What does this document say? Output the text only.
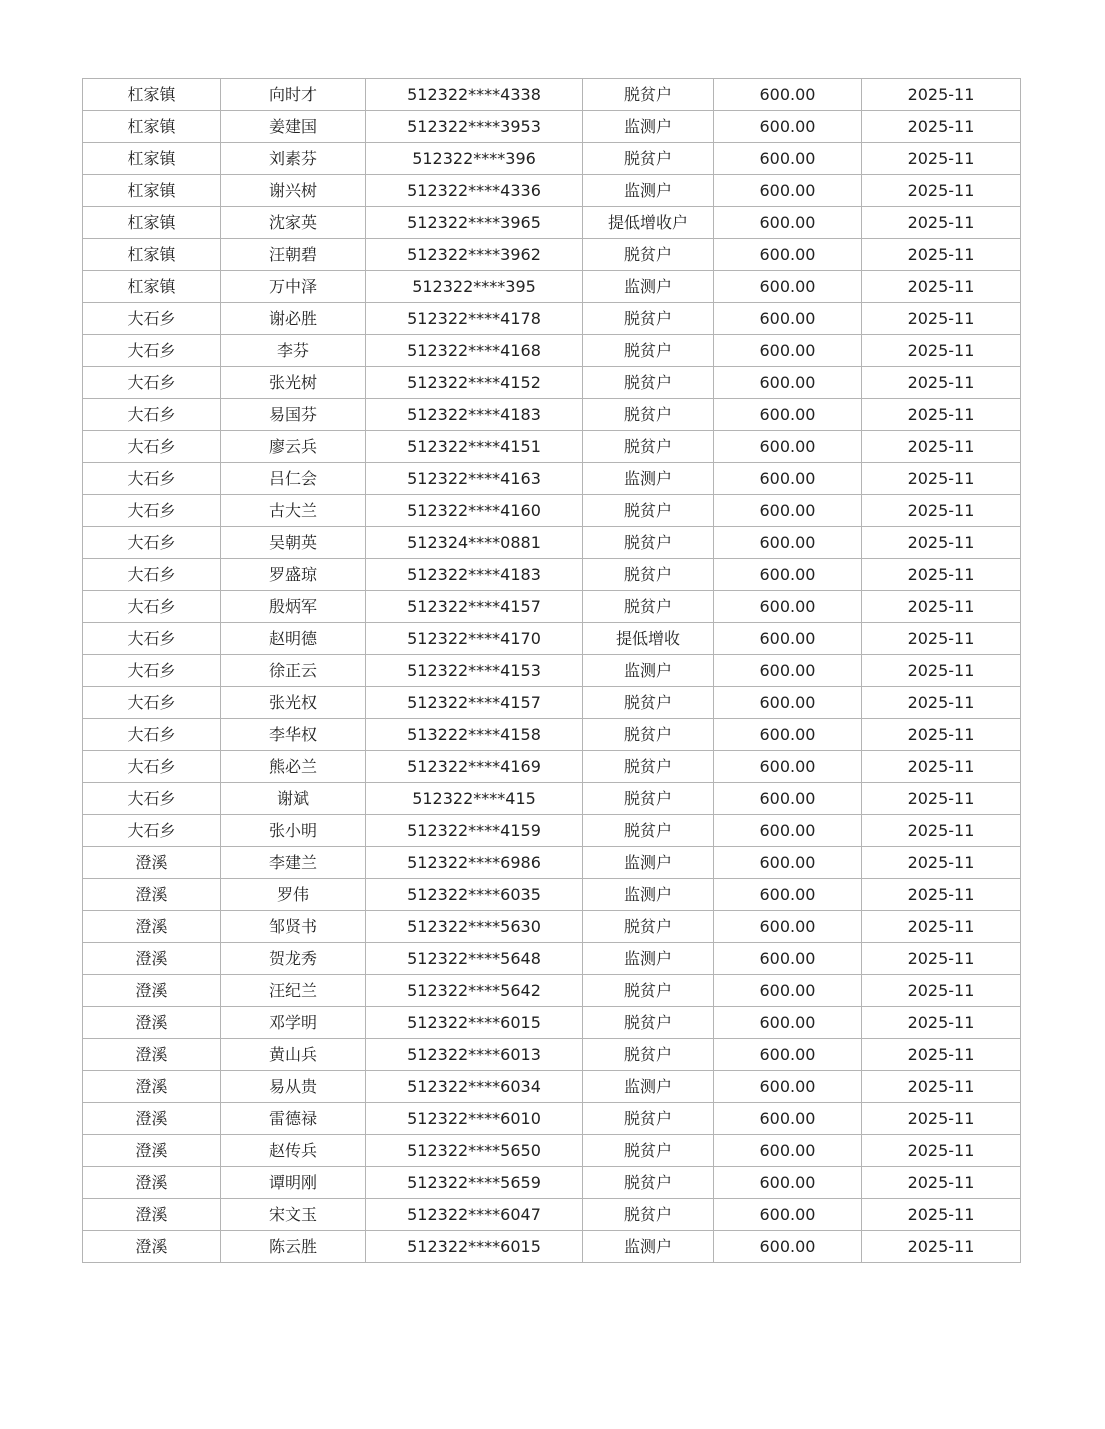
杠家镇	向时才	512322****4338	脱贫户	600.00	2025-11
杠家镇	姜建国	512322****3953	监测户	600.00	2025-11
杠家镇	刘素芬	512322****396	脱贫户	600.00	2025-11
杠家镇	谢兴树	512322****4336	监测户	600.00	2025-11
杠家镇	沈家英	512322****3965	提低增收户	600.00	2025-11
杠家镇	汪朝碧	512322****3962	脱贫户	600.00	2025-11
杠家镇	万中泽	512322****395	监测户	600.00	2025-11
大石乡	谢必胜	512322****4178	脱贫户	600.00	2025-11
大石乡	李芬	512322****4168	脱贫户	600.00	2025-11
大石乡	张光树	512322****4152	脱贫户	600.00	2025-11
大石乡	易国芬	512322****4183	脱贫户	600.00	2025-11
大石乡	廖云兵	512322****4151	脱贫户	600.00	2025-11
大石乡	吕仁会	512322****4163	监测户	600.00	2025-11
大石乡	古大兰	512322****4160	脱贫户	600.00	2025-11
大石乡	吴朝英	512324****0881	脱贫户	600.00	2025-11
大石乡	罗盛琼	512322****4183	脱贫户	600.00	2025-11
大石乡	殷炳军	512322****4157	脱贫户	600.00	2025-11
大石乡	赵明德	512322****4170	提低增收	600.00	2025-11
大石乡	徐正云	512322****4153	监测户	600.00	2025-11
大石乡	张光权	512322****4157	脱贫户	600.00	2025-11
大石乡	李华权	513222****4158	脱贫户	600.00	2025-11
大石乡	熊必兰	512322****4169	脱贫户	600.00	2025-11
大石乡	谢斌	512322****415	脱贫户	600.00	2025-11
大石乡	张小明	512322****4159	脱贫户	600.00	2025-11
澄溪	李建兰	512322****6986	监测户	600.00	2025-11
澄溪	罗伟	512322****6035	监测户	600.00	2025-11
澄溪	邹贤书	512322****5630	脱贫户	600.00	2025-11
澄溪	贺龙秀	512322****5648	监测户	600.00	2025-11
澄溪	汪纪兰	512322****5642	脱贫户	600.00	2025-11
澄溪	邓学明	512322****6015	脱贫户	600.00	2025-11
澄溪	黄山兵	512322****6013	脱贫户	600.00	2025-11
澄溪	易从贵	512322****6034	监测户	600.00	2025-11
澄溪	雷德禄	512322****6010	脱贫户	600.00	2025-11
澄溪	赵传兵	512322****5650	脱贫户	600.00	2025-11
澄溪	谭明刚	512322****5659	脱贫户	600.00	2025-11
澄溪	宋文玉	512322****6047	脱贫户	600.00	2025-11
澄溪	陈云胜	512322****6015	监测户	600.00	2025-11
